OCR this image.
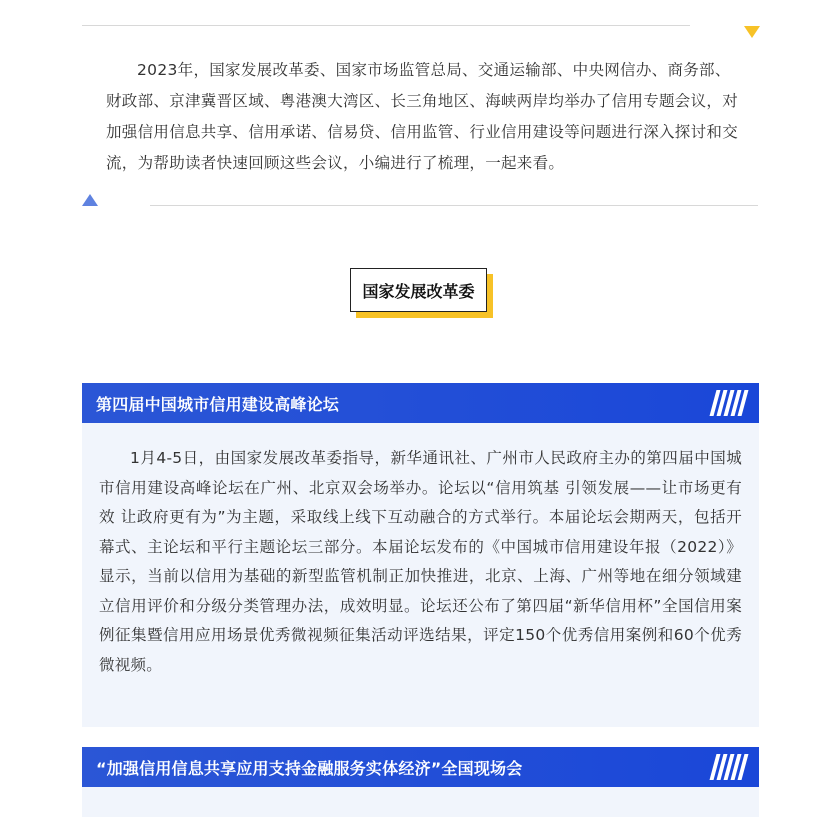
2023年，国家发展改革委、国家市场监管总局、交通运输部、中央网信办、商务部、财政部、京津冀晋区域、粤港澳大湾区、长三角地区、海峡两岸均举办了信用专题会议，对加强信用信息共享、信用承诺、信易贷、信用监管、行业信用建设等问题进行深入探讨和交流，为帮助读者快速回顾这些会议，小编进行了梳理，一起来看。

国家发展改革委
第四届中国城市信用建设高峰论坛

1月4-5日，由国家发展改革委指导，新华通讯社、广州市人民政府主办的第四届中国城市信用建设高峰论坛在广州、北京双会场举办。论坛以“信用筑基 引领发展——让市场更有效 让政府更有为”为主题，采取线上线下互动融合的方式举行。本届论坛会期两天，包括开幕式、主论坛和平行主题论坛三部分。本届论坛发布的《中国城市信用建设年报（2022）》显示，当前以信用为基础的新型监管机制正加快推进，北京、上海、广州等地在细分领域建立信用评价和分级分类管理办法，成效明显。论坛还公布了第四届“新华信用杯”全国信用案例征集暨信用应用场景优秀微视频征集活动评选结果，评定150个优秀信用案例和60个优秀微视频。

“加强信用信息共享应用支持金融服务实体经济”全国现场会
